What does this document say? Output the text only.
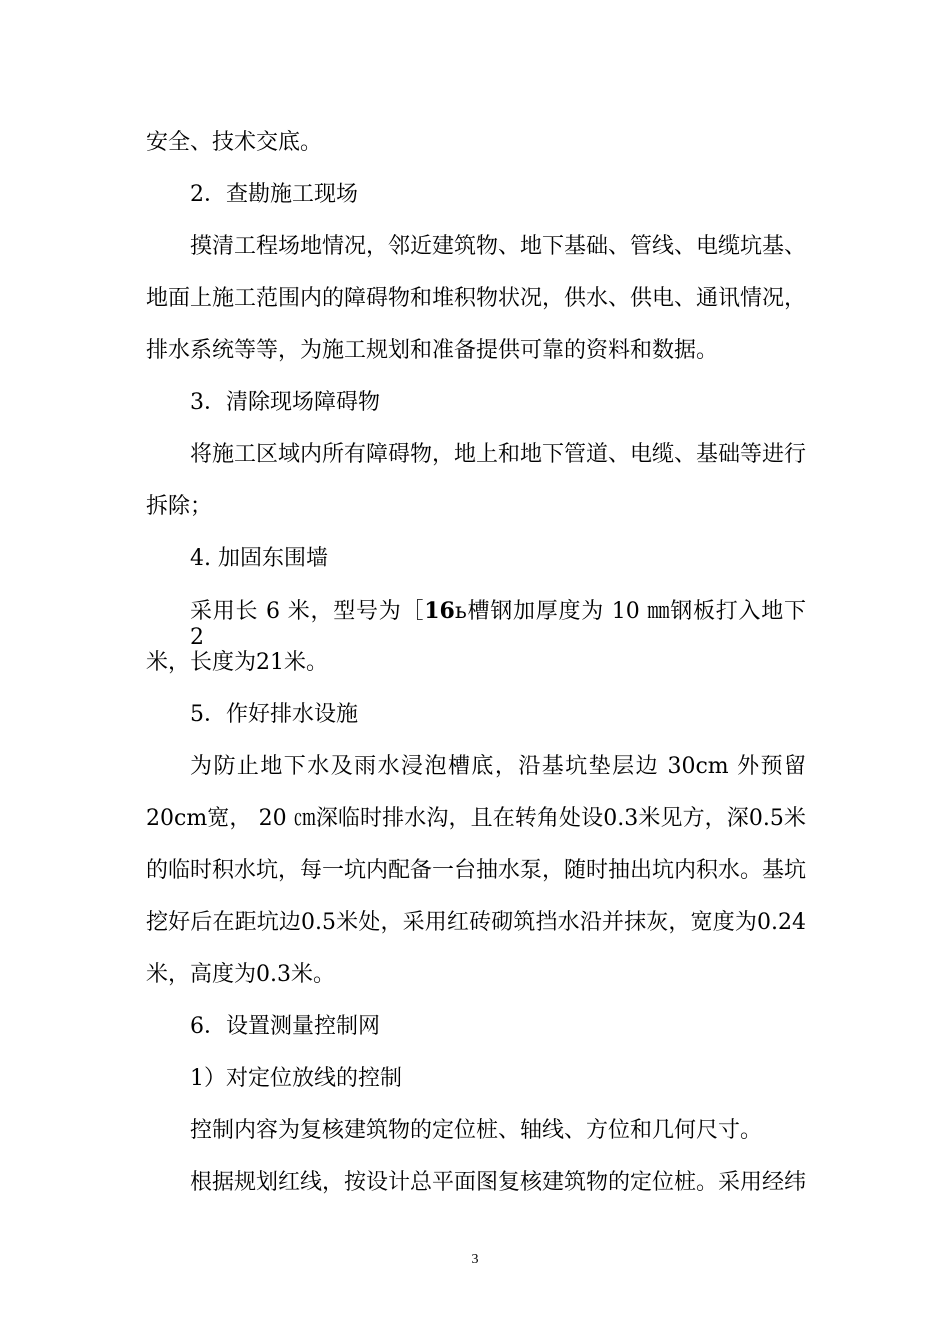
安全、技术交底。

2．查勘施工现场

摸清工程场地情况，邻近建筑物、地下基础、管线、电缆坑基、

地面上施工范围内的障碍物和堆积物状况，供水、供电、通讯情况，

排水系统等等，为施工规划和准备提供可靠的资料和数据。

3．清除现场障碍物

将施工区域内所有障碍物，地上和地下管道、电缆、基础等进行

拆除；

4. 加固东围墙

采用长 6 米，型号为［16ь槽钢加厚度为 10 ㎜钢板打入地下 2

米，长度为21米。

5．作好排水设施

为防止地下水及雨水浸泡槽底，沿基坑垫层边 30cm 外预留

20cm宽， 20 ㎝深临时排水沟，且在转角处设0.3米见方，深0.5米

的临时积水坑，每一坑内配备一台抽水泵，随时抽出坑内积水。基坑

挖好后在距坑边0.5米处，采用红砖砌筑挡水沿并抹灰，宽度为0.24

米，高度为0.3米。

6．设置测量控制网

1）对定位放线的控制

控制内容为复核建筑物的定位桩、轴线、方位和几何尺寸。

根据规划红线，按设计总平面图复核建筑物的定位桩。采用经纬

3
